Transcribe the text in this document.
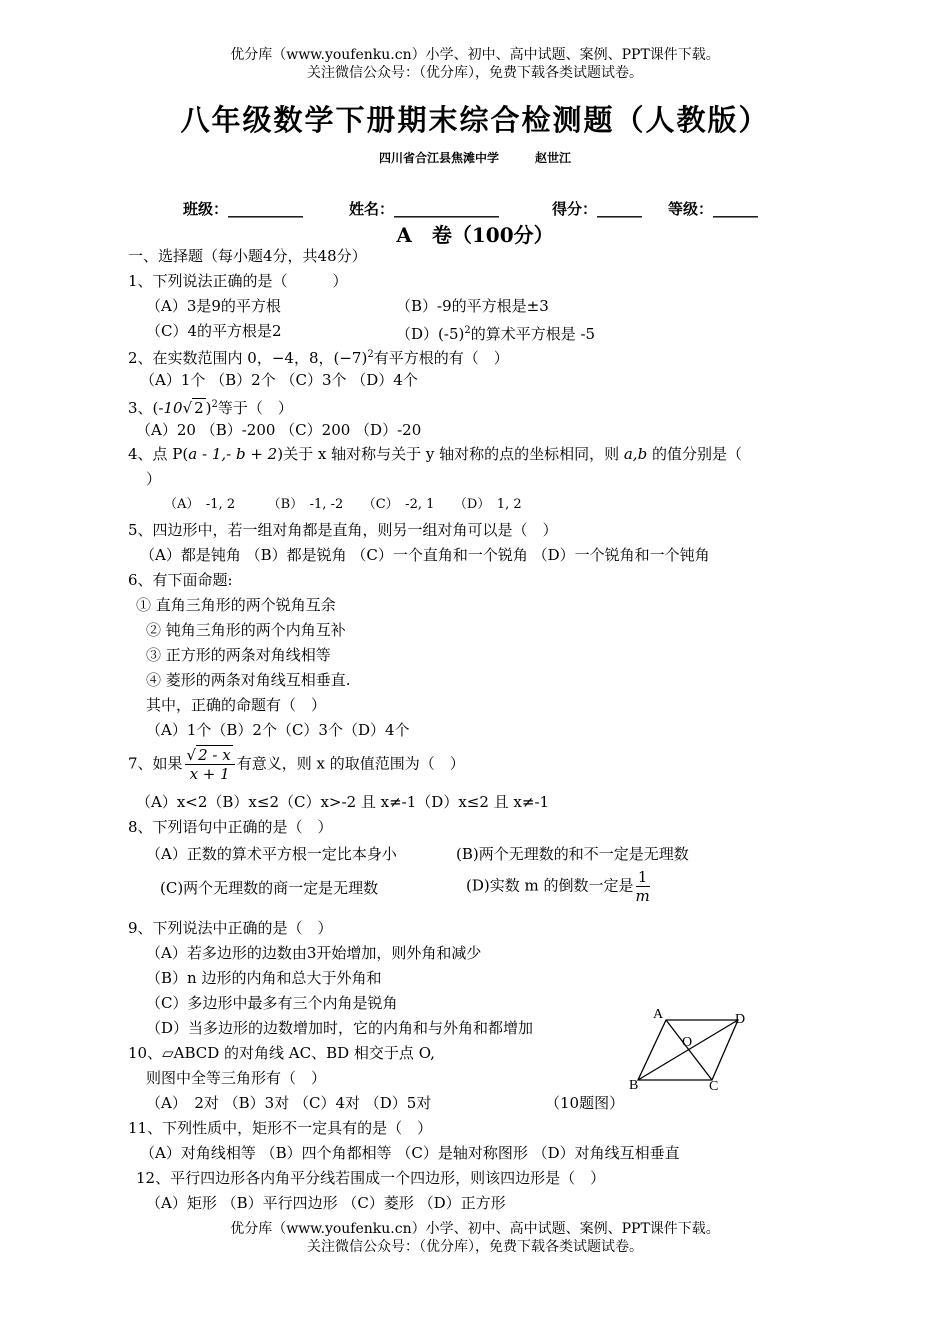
优分库（www.youfenku.cn）小学、初中、高中试题、案例、PPT课件下载。
关注微信公众号：（优分库），免费下载各类试题试卷。
八年级数学下册期末综合检测题（人教版）
四川省合江县焦滩中学　　　赵世江
班级：__________	姓名：______________	得分：______ 等级：______
A　卷（100分）
一、选择题（每小题4分，共48分）
1、下列说法正确的是（　　　）
（A）3是9的平方根	（B）-9的平方根是±3
（C）4的平方根是2	$(D)(-5)^2$的算术平方根是 -5
2、在实数范围内 0，−4，8，$(-7)^2$有平方根的有（　）
（A）1个 （B）2个 （C）3个 （D）4个
3、(-10√ 2 )$^2$等于（　）
（A）20 （B）-200 （C）200 （D）-20
4、点 P(a - 1,- b + 2)关于 x 轴对称与关于 y 轴对称的点的坐标相同，则 a,b 的值分别是（
）
（A）　-1, 2　　　（B）　-1, -2　　（C）　-2, 1　　（D）　1, 2
5、四边形中，若一组对角都是直角，则另一组对角可以是（　）
（A）都是钝角 （B）都是锐角 （C）一个直角和一个锐角 （D）一个锐角和一个钝角
6、有下面命题:
① 直角三角形的两个锐角互余
② 钝角三角形的两个内角互补
③ 正方形的两条对角线相等
④ 菱形的两条对角线互相垂直.
其中，正确的命题有（　）
（A）1个（B）2个（C）3个（D）4个
7、如果 $\frac{√ 2 - x}{x + 1}$ 有意义，则 x 的取值范围为（　）
（A）x<2（B）x≤2（C）x>-2 且 x≠-1（D）x≤2 且 x≠-1
8、下列语句中正确的是（　）
（A）正数的算术平方根一定比本身小	(B)两个无理数的和不一定是无理数
(C)两个无理数的商一定是无理数	(D)实数 m 的倒数一定是 $\frac{1}{m}$
9、下列说法中正确的是（　）
（A）若多边形的边数由3开始增加，则外角和减少
（B）n 边形的内角和总大于外角和
（C）多边形中最多有三个内角是锐角
（D）当多边形的边数增加时，它的内角和与外角和都增加
10、▱ABCD 的对角线 AC、BD 相交于点 O,
则图中全等三角形有（　）
（A）　2对 （B）3对 （C）4对 （D）5对	（10题图）
A	D
B	C
O
11、下列性质中，矩形不一定具有的是（　）
（A）对角线相等 （B）四个角都相等 （C）是轴对称图形 （D）对角线互相垂直
12、平行四边形各内角平分线若围成一个四边形，则该四边形是（　）
（A）矩形 （B）平行四边形 （C）菱形 （D）正方形
优分库（www.youfenku.cn）小学、初中、高中试题、案例、PPT课件下载。
关注微信公众号：（优分库），免费下载各类试题试卷。
